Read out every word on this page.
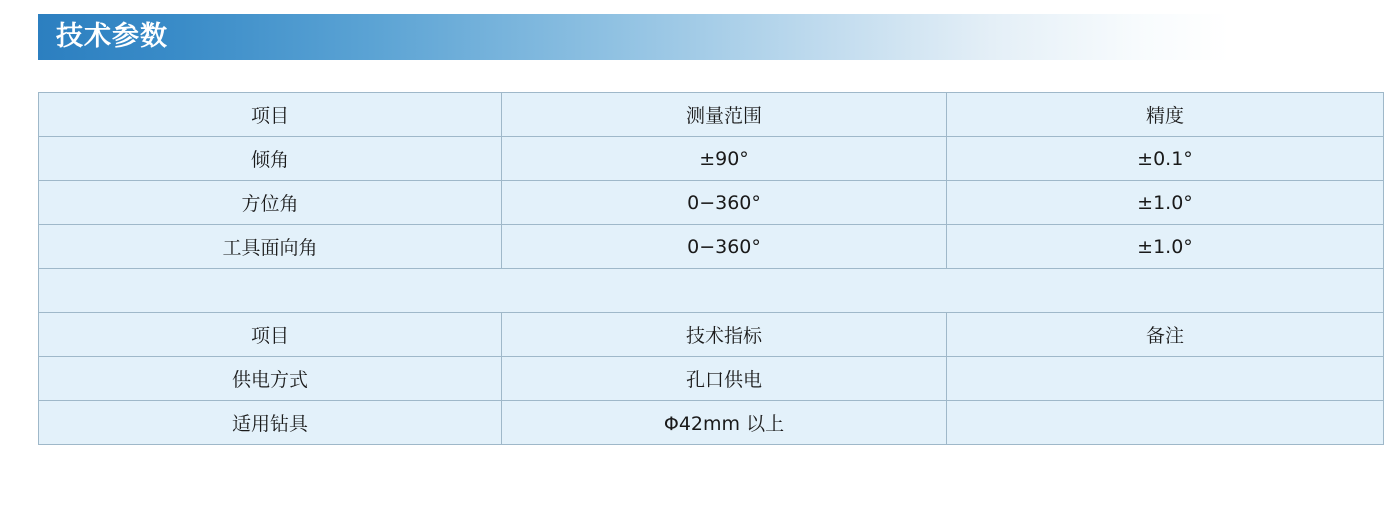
技术参数
项目	测量范围	精度
倾角	±90°	±0.1°
方位角	0−360°	±1.0°
工具面向角	0−360°	±1.0°

项目	技术指标	备注
供电方式	孔口供电	
适用钻具	Φ42mm 以上	
